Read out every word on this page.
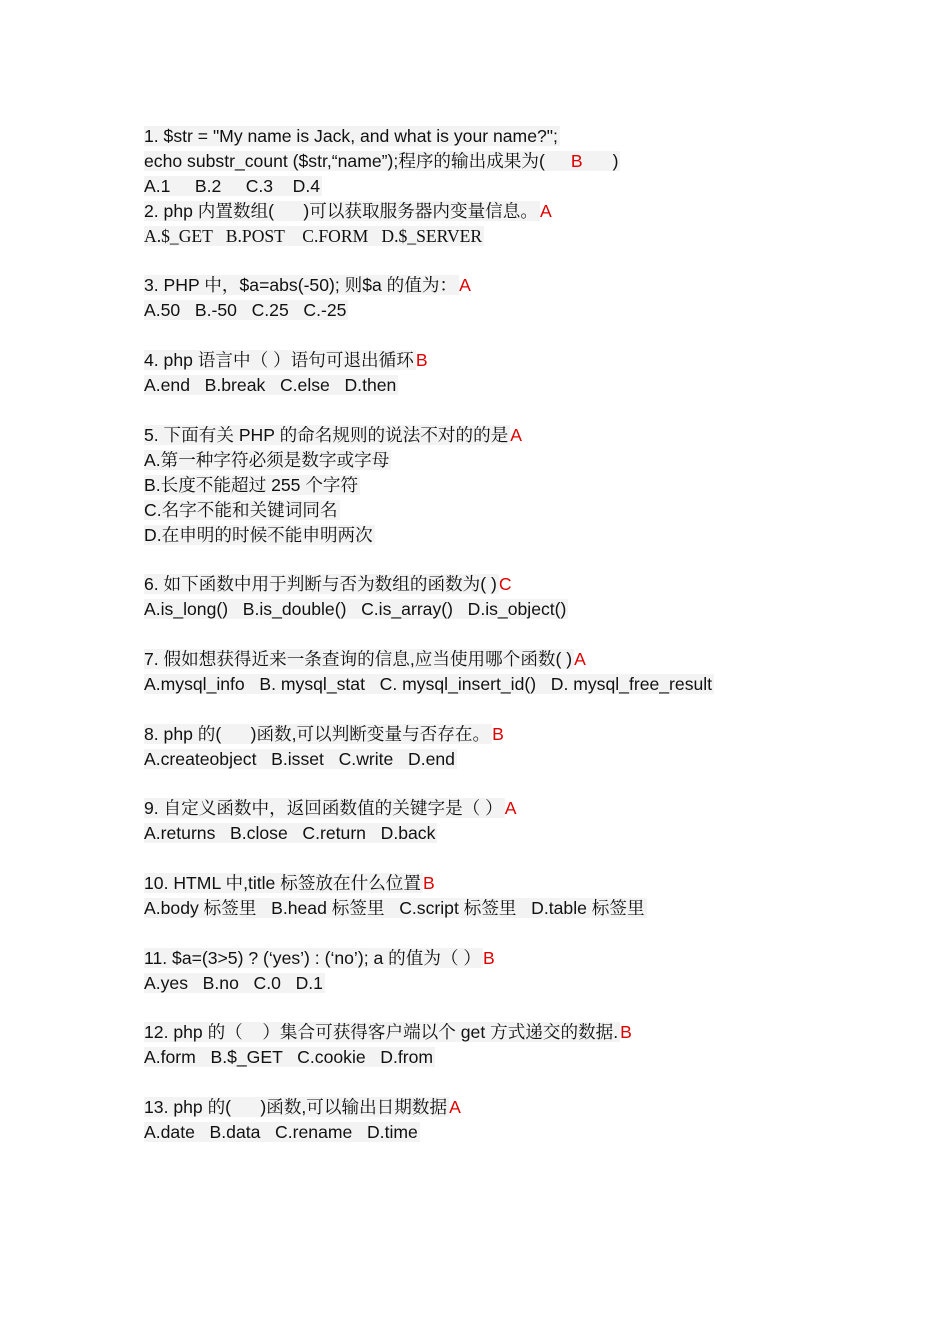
1. $str = "My name is Jack, and what is your name?";
echo substr_count ($str,“name”);程序的输出成果为( B )
A.1     B.2     C.3    D.4
2. php 内置数组(      )可以获取服务器内变量信息。 A
A.$_GET   B.POST    C.FORM   D.$_SERVER
3. PHP 中，$a=abs(-50); 则$a 的值为： A
A.50   B.-50   C.25   C.-25
4. php 语言中（ ）语句可退出循环 B
A.end   B.break   C.else   D.then
5. 下面有关 PHP 的命名规则的说法不对的的是 A
A.第一种字符必须是数字或字母
B.长度不能超过 255 个字符
C.名字不能和关键词同名
D.在申明的时候不能申明两次
6. 如下函数中用于判断与否为数组的函数为( ) C
A.is_long()   B.is_double()   C.is_array()   D.is_object()
7. 假如想获得近来一条查询的信息,应当使用哪个函数( ) A
A.mysql_info   B. mysql_stat   C. mysql_insert_id()   D. mysql_free_result
8. php 的(      )函数,可以判断变量与否存在。 B
A.createobject   B.isset   C.write   D.end
9. 自定义函数中，返回函数值的关键字是（ ） A
A.returns   B.close   C.return   D.back
10. HTML 中,title 标签放在什么位置 B
A.body 标签里   B.head 标签里   C.script 标签里   D.table 标签里
11. $a=(3>5) ? (‘yes’) : (‘no’); a 的值为（ ） B
A.yes   B.no   C.0   D.1
12. php 的（    ）集合可获得客户端以个 get 方式递交的数据. B
A.form   B.$_GET   C.cookie   D.from
13. php 的(      )函数,可以输出日期数据 A
A.date   B.data   C.rename   D.time
